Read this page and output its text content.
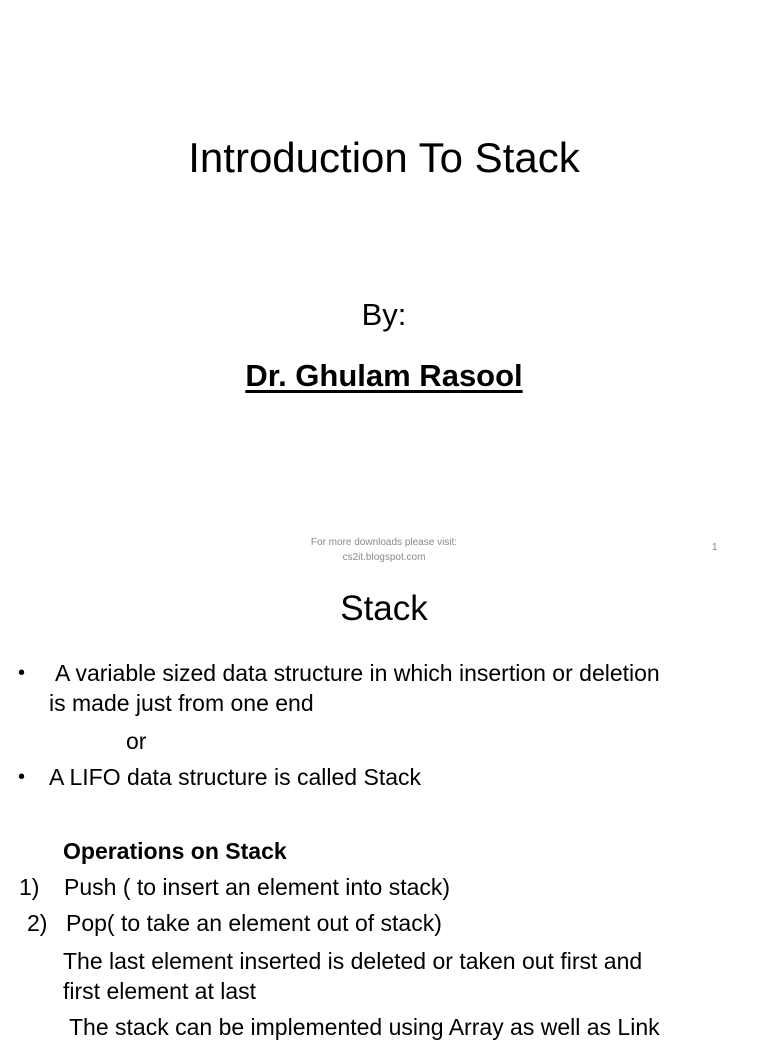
Introduction To Stack
By:
Dr. Ghulam Rasool
For more downloads please visit:
cs2it.blogspot.com
1
Stack
• A variable sized data structure in which insertion or deletion
is made just from one end
or
• A LIFO data structure is called Stack
Operations on Stack
1) Push ( to insert an element into stack)
2) Pop( to take an element out of stack)
The last element inserted is deleted or taken out first and
first element at last
The stack can be implemented using Array as well as Link
